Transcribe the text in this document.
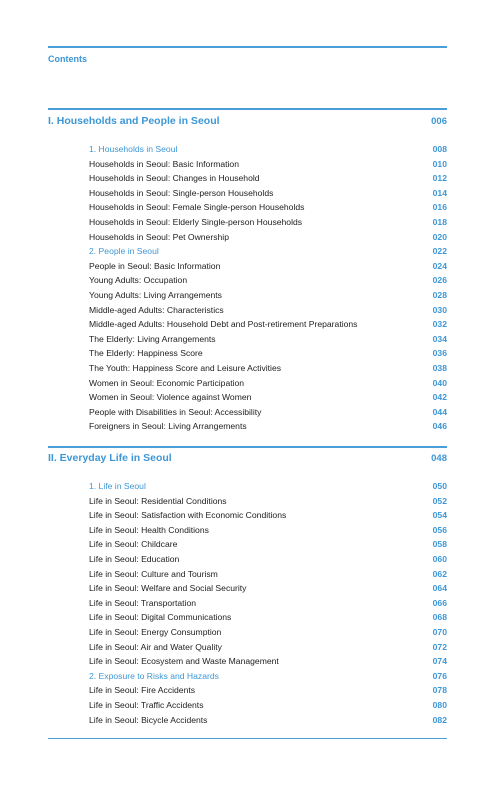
Contents
I. Households and People in Seoul	006
1. Households in Seoul	008
Households in Seoul: Basic Information	010
Households in Seoul: Changes in Household	012
Households in Seoul: Single-person Households	014
Households in Seoul: Female Single-person Households	016
Households in Seoul: Elderly Single-person Households	018
Households in Seoul: Pet Ownership	020
2. People in Seoul	022
People in Seoul: Basic Information	024
Young Adults: Occupation	026
Young Adults: Living Arrangements	028
Middle-aged Adults: Characteristics	030
Middle-aged Adults: Household Debt and Post-retirement Preparations	032
The Elderly: Living Arrangements	034
The Elderly: Happiness Score	036
The Youth: Happiness Score and Leisure Activities	038
Women in Seoul: Economic Participation	040
Women in Seoul: Violence against Women	042
People with Disabilities in Seoul: Accessibility	044
Foreigners in Seoul: Living Arrangements	046
II. Everyday Life in Seoul	048
1. Life in Seoul	050
Life in Seoul: Residential Conditions	052
Life in Seoul: Satisfaction with Economic Conditions	054
Life in Seoul: Health Conditions	056
Life in Seoul: Childcare	058
Life in Seoul: Education	060
Life in Seoul: Culture and Tourism	062
Life in Seoul: Welfare and Social Security	064
Life in Seoul: Transportation	066
Life in Seoul: Digital Communications	068
Life in Seoul: Energy Consumption	070
Life in Seoul: Air and Water Quality	072
Life in Seoul: Ecosystem and Waste Management	074
2. Exposure to Risks and Hazards	076
Life in Seoul: Fire Accidents	078
Life in Seoul: Traffic Accidents	080
Life in Seoul: Bicycle Accidents	082
